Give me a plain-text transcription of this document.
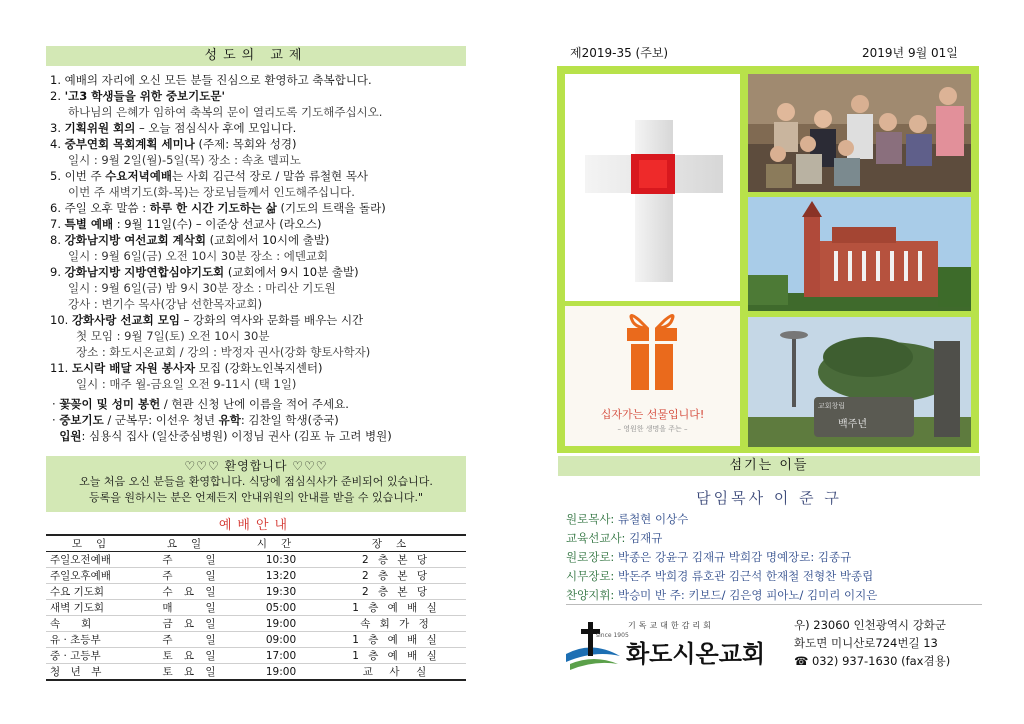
성도의 교제
1. 예배의 자리에 오신 모든 분들 진심으로 환영하고 축복합니다.
2. '고3 학생들을 위한 중보기도문'
하나님의 은혜가 임하여 축복의 문이 열리도록 기도해주십시오.
3. 기획위원 회의 – 오늘 점심식사 후에 모입니다.
4. 중부연회 목회계획 세미나 (주제: 목회와 성경)
일시 : 9월 2일(월)-5일(목) 장소 : 속초 델피노
5. 이번 주 수요저녁예배는 사회 김근석 장로 / 말씀 류철현 목사
이번 주 새벽기도(화-목)는 장로님들께서 인도해주십니다.
6. 주일 오후 말씀 : 하루 한 시간 기도하는 삶 (기도의 트랙을 돌라)
7. 특별 예배 : 9월 11일(수) – 이준상 선교사 (라오스)
8. 강화남지방 여선교회 계삭회 (교회에서 10시에 출발)
일시 : 9월 6일(금) 오전 10시 30분 장소 : 에덴교회
9. 강화남지방 지방연합심야기도회 (교회에서 9시 10분 출발)
일시 : 9월 6일(금) 밤 9시 30분 장소 : 마리산 기도원
강사 : 변기수 목사(강남 선한목자교회)
10. 강화사랑 선교회 모임 – 강화의 역사와 문화를 배우는 시간
첫 모임 : 9월 7일(토) 오전 10시 30분
장소 : 화도시온교회 / 강의 : 박정자 권사(강화 향토사학자)
11. 도시락 배달 자원 봉사자 모집 (강화노인복지센터)
일시 : 매주 월-금요일 오전 9-11시 (택 1일)
· 꽃꽂이 및 성미 봉헌 / 현관 신청 난에 이름을 적어 주세요.
· 중보기도 / 군복무: 이선우 청년 유학: 김찬일 학생(중국)
입원: 심용식 집사 (일산중심병원) 이정님 권사 (김포 뉴 고려 병원)
♡♡♡ 환영합니다 ♡♡♡
오늘 처음 오신 분들을 환영합니다. 식당에 점심식사가 준비되어 있습니다.
등록을 원하시는 분은 언제든지 안내위원의 안내를 받을 수 있습니다."
예배안내
모임	요일	시간	장소
주일오전예배	주　　일	10:30	2 층 본 당
주일오후예배	주　　일	13:20	2 층 본 당
수요 기도회	수 요 일	19:30	2 층 본 당
새벽 기도회	매　　일	05:00	1 층 예 배 실
속　　회	금 요 일	19:00	속 회 가 정
유 · 초등부	주　　일	09:00	1 층 예 배 실
중 · 고등부	토 요 일	17:00	1 층 예 배 실
청　년　부	토 요 일	19:00	교　사　실
제2019-35 (주보)	2019년 9월 01일
십자가는 선물입니다!
– 영원한 생명을 주는 –
교회창립
백주년
섬기는 이들
담임목사 이 준 구
원로목사: 류철현 이상수
교육선교사: 김재규
원로장로: 박종은 강윤구 김재규 박희감 명예장로: 김종규
시무장로: 박돈주 박희경 류호관 김근석 한재철 전형찬 박종립
찬양지휘: 박승미 반 주: 키보드/ 김은영 피아노/ 김미리 이지은
since 1905
기독교대한감리회
화도시온교회
우) 23060 인천광역시 강화군
화도면 미니산로724번길 13
☎ 032) 937-1630 (fax겸용)
